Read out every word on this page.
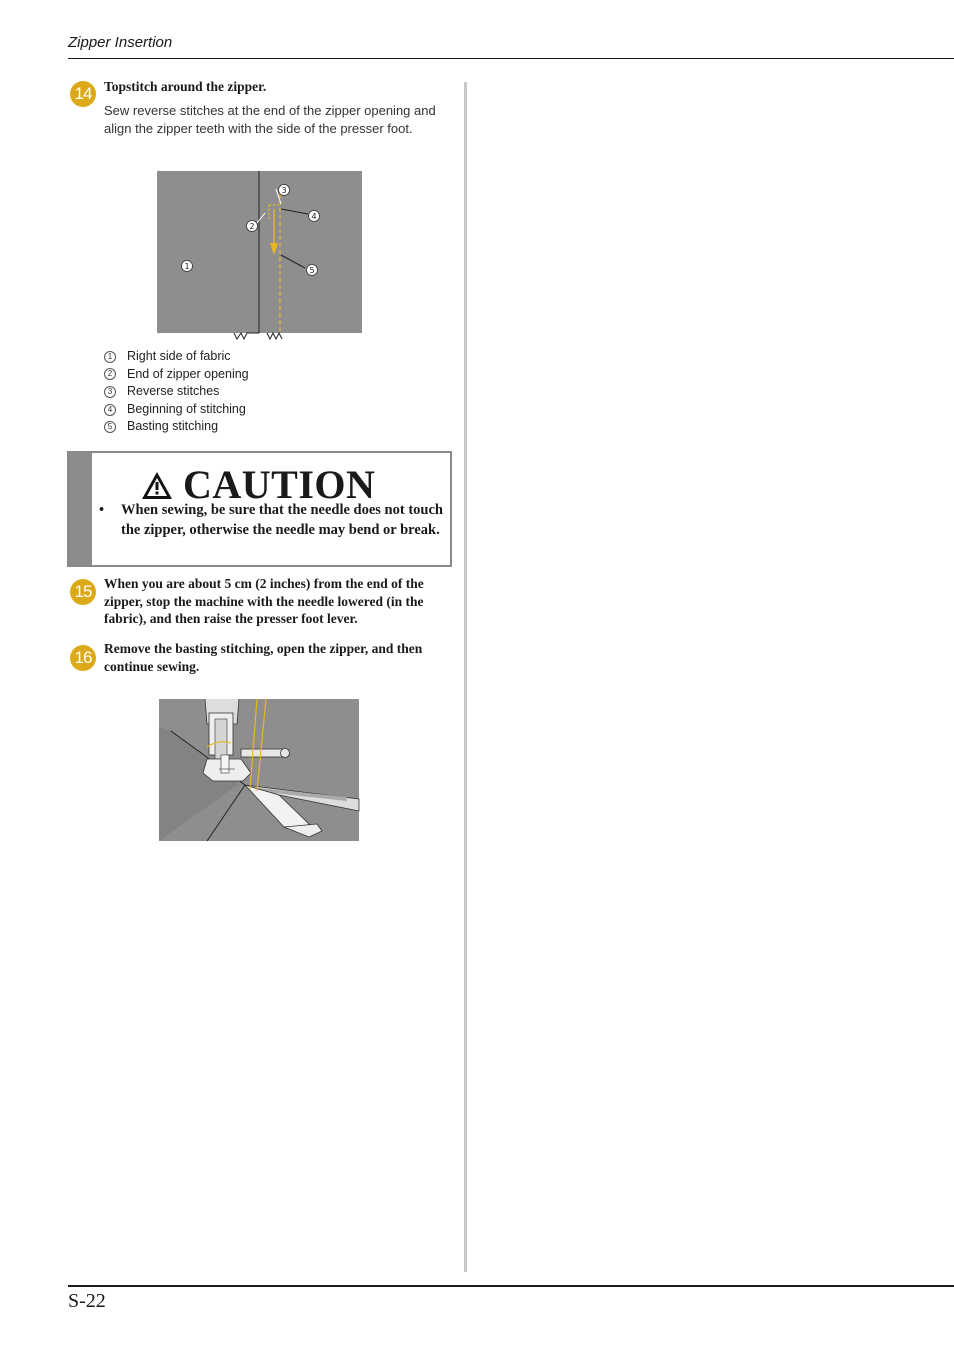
Zipper Insertion
14 Topstitch around the zipper.
Sew reverse stitches at the end of the zipper opening and align the zipper teeth with the side of the presser foot.
1
2
3
4
5
1	Right side of fabric
2	End of zipper opening
3	Reverse stitches
4	Beginning of stitching
5	Basting stitching
CAUTION
• When sewing, be sure that the needle does not touch the zipper, otherwise the needle may bend or break.
15 When you are about 5 cm (2 inches) from the end of the zipper, stop the machine with the needle lowered (in the fabric), and then raise the presser foot lever.
16 Remove the basting stitching, open the zipper, and then continue sewing.
S-22
